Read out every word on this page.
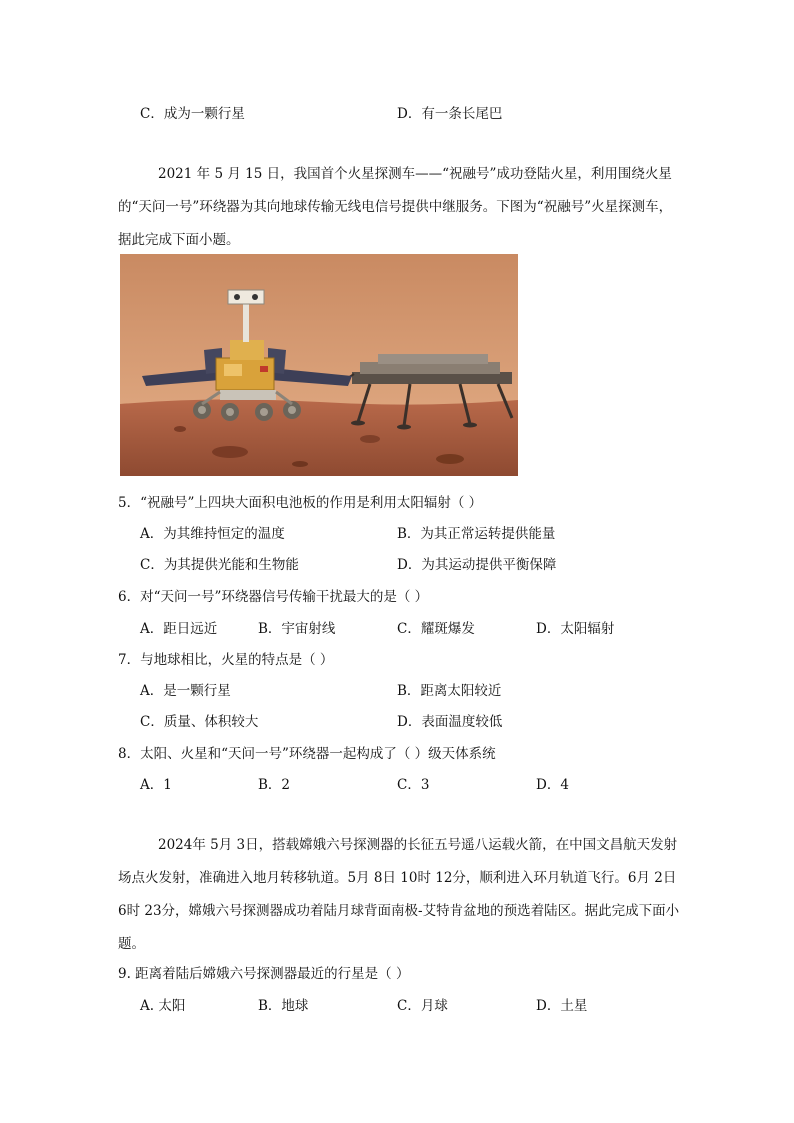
C．成为一颗行星	D．有一条长尾巴
2021 年 5 月 15 日，我国首个火星探测车——“祝融号”成功登陆火星，利用围绕火星的“天问一号”环绕器为其向地球传输无线电信号提供中继服务。下图为“祝融号”火星探测车，据此完成下面小题。
5．“祝融号”上四块大面积电池板的作用是利用太阳辐射（ ）
A．为其维持恒定的温度	B．为其正常运转提供能量
C．为其提供光能和生物能	D．为其运动提供平衡保障
6．对“天问一号”环绕器信号传输干扰最大的是（ ）
A．距日远近	B．宇宙射线	C．耀斑爆发	D．太阳辐射
7．与地球相比，火星的特点是（ ）
A．是一颗行星	B．距离太阳较近
C．质量、体积较大	D．表面温度较低
8．太阳、火星和“天问一号”环绕器一起构成了（ ）级天体系统
A．1	B．2	C．3	D．4
2024年 5月 3日，搭载嫦娥六号探测器的长征五号遥八运载火箭，在中国文昌航天发射场点火发射，准确进入地月转移轨道。5月 8日 10时 12分，顺利进入环月轨道飞行。6月 2日 6时 23分，嫦娥六号探测器成功着陆月球背面南极-艾特肯盆地的预选着陆区。据此完成下面小题。
9. 距离着陆后嫦娥六号探测器最近的行星是（ ）
A. 太阳	B．地球	C．月球	D．土星
